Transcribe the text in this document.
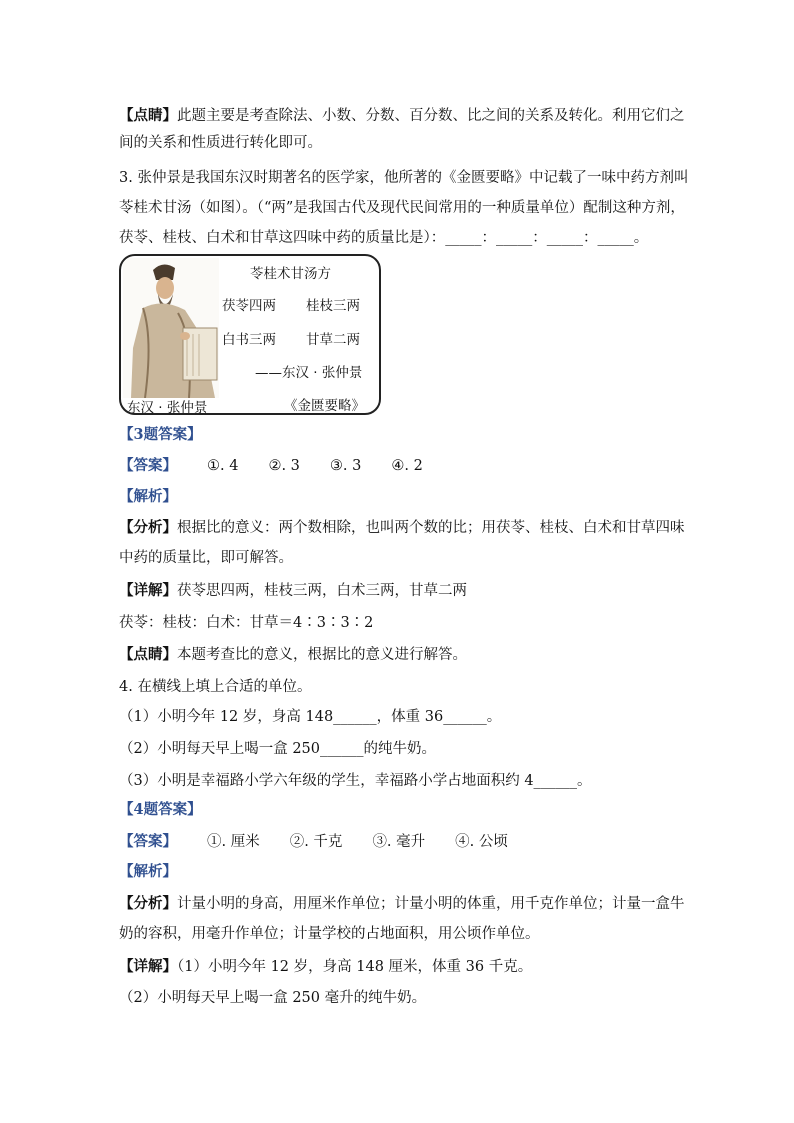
【点睛】此题主要是考查除法、小数、分数、百分数、比之间的关系及转化。利用它们之
间的关系和性质进行转化即可。
3. 张仲景是我国东汉时期著名的医学家，他所著的《金匮要略》中记载了一味中药方剂叫
苓桂术甘汤（如图）。（“两”是我国古代及现代民间常用的一种质量单位）配制这种方剂，
茯苓、桂枝、白术和甘草这四味中药的质量比是）：_____：_____：_____：_____。
苓桂术甘汤方
茯苓四两 桂枝三两
白书三两 甘草二两
——东汉 · 张仲景
东汉 · 张仲景	《金匮要略》
【3题答案】
【答案】 ①. 4 ②. 3 ③. 3 ④. 2
【解析】
【分析】根据比的意义：两个数相除，也叫两个数的比；用茯苓、桂枝、白术和甘草四味
中药的质量比，即可解答。
【详解】茯苓思四两，桂枝三两，白术三两，甘草二两
茯苓：桂枝：白术：甘草＝4∶3∶3∶2
【点睛】本题考查比的意义，根据比的意义进行解答。
4. 在横线上填上合适的单位。
（1）小明今年 12 岁，身高 148______，体重 36______。
（2）小明每天早上喝一盒 250______的纯牛奶。
（3）小明是幸福路小学六年级的学生，幸福路小学占地面积约 4______。
【4题答案】
【答案】 ①. 厘米 ②. 千克 ③. 毫升 ④. 公顷
【解析】
【分析】计量小明的身高，用厘米作单位；计量小明的体重，用千克作单位；计量一盒牛
奶的容积，用毫升作单位；计量学校的占地面积，用公顷作单位。
【详解】（1）小明今年 12 岁，身高 148 厘米，体重 36 千克。
（2）小明每天早上喝一盒 250 毫升的纯牛奶。
